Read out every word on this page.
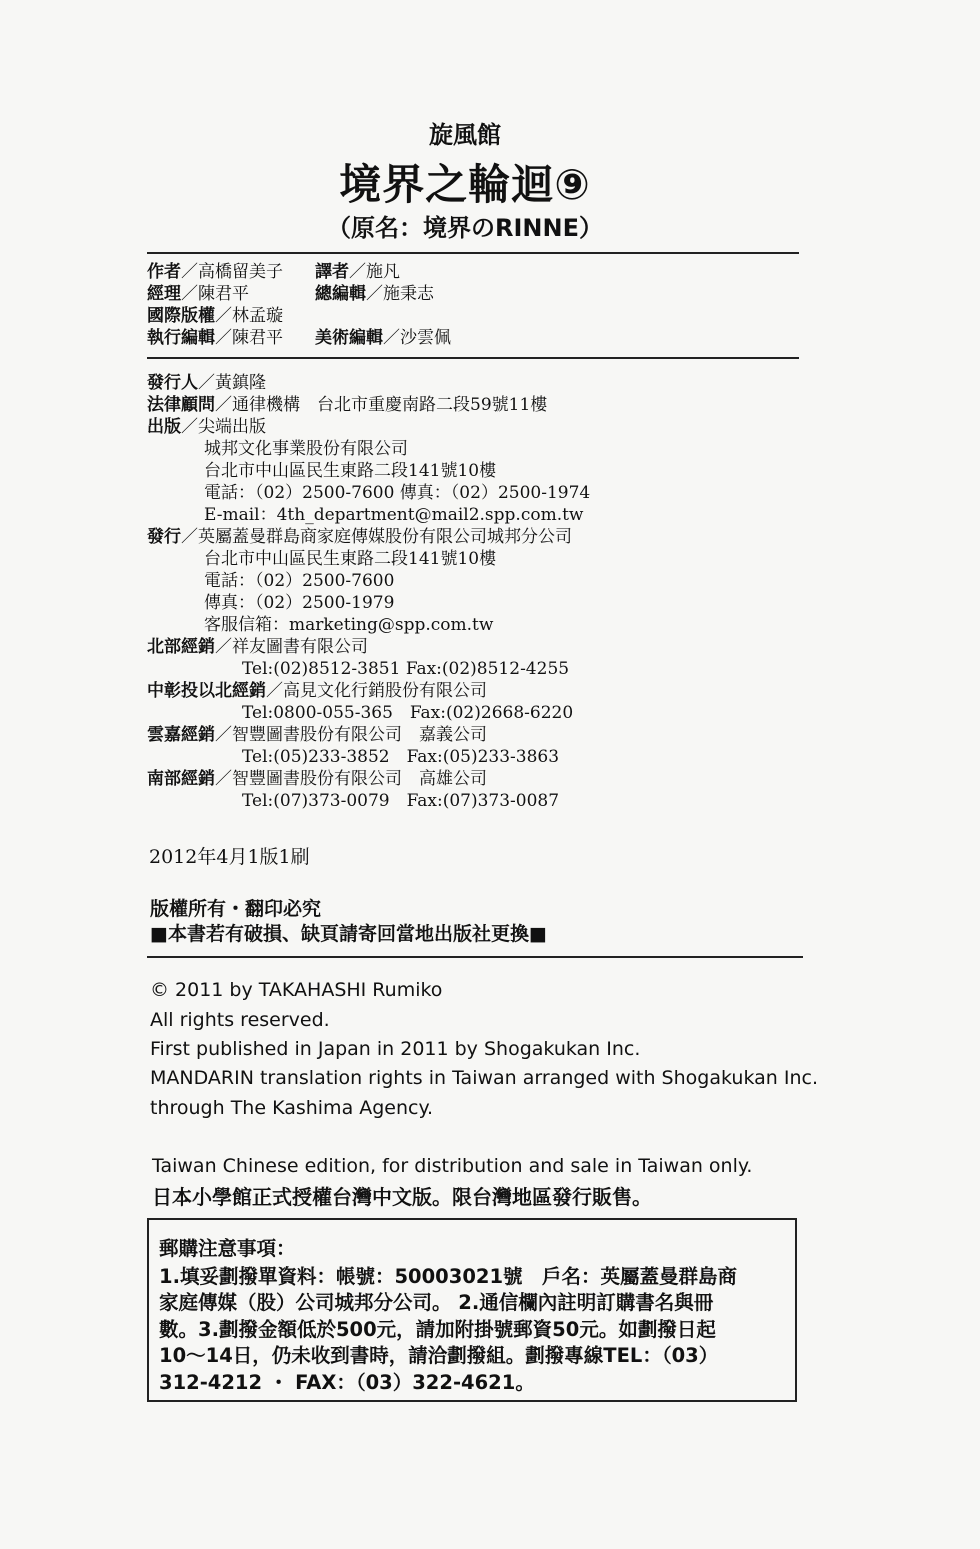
旋風館
境界之輪迴⑨
（原名：境界のRINNE）
作者／高橋留美子 譯者／施凡
經理／陳君平	總編輯／施秉志
國際版權／林孟璇
執行編輯／陳君平 美術編輯／沙雲佩
發行人／黃鎮隆
法律顧問／通律機構　台北市重慶南路二段59號11樓
出版／尖端出版
城邦文化事業股份有限公司
台北市中山區民生東路二段141號10樓
電話：（02）2500-7600 傳真：（02）2500-1974
E-mail：4th_department@mail2.spp.com.tw
發行／英屬蓋曼群島商家庭傳媒股份有限公司城邦分公司
台北市中山區民生東路二段141號10樓
電話：（02）2500-7600
傳真：（02）2500-1979
客服信箱：marketing@spp.com.tw
北部經銷／祥友圖書有限公司
Tel:(02)8512-3851 Fax:(02)8512-4255
中彰投以北經銷／高見文化行銷股份有限公司
Tel:0800-055-365　Fax:(02)2668-6220
雲嘉經銷／智豐圖書股份有限公司　嘉義公司
Tel:(05)233-3852　Fax:(05)233-3863
南部經銷／智豐圖書股份有限公司　高雄公司
Tel:(07)373-0079　Fax:(07)373-0087
2012年4月1版1刷
版權所有・翻印必究
■本書若有破損、缺頁請寄回當地出版社更換■
© 2011 by TAKAHASHI Rumiko
All rights reserved.
First published in Japan in 2011 by Shogakukan Inc.
MANDARIN translation rights in Taiwan arranged with Shogakukan Inc.
through The Kashima Agency.
Taiwan Chinese edition, for distribution and sale in Taiwan only.
日本小學館正式授權台灣中文版。限台灣地區發行販售。
郵購注意事項：
1.填妥劃撥單資料：帳號：50003021號　戶名：英屬蓋曼群島商
家庭傳媒（股）公司城邦分公司。 2.通信欄內註明訂購書名與冊
數。3.劃撥金額低於500元，請加附掛號郵資50元。如劃撥日起
10～14日，仍未收到書時，請洽劃撥組。劃撥專線TEL：（03）
312-4212 ・ FAX：（03）322-4621。
